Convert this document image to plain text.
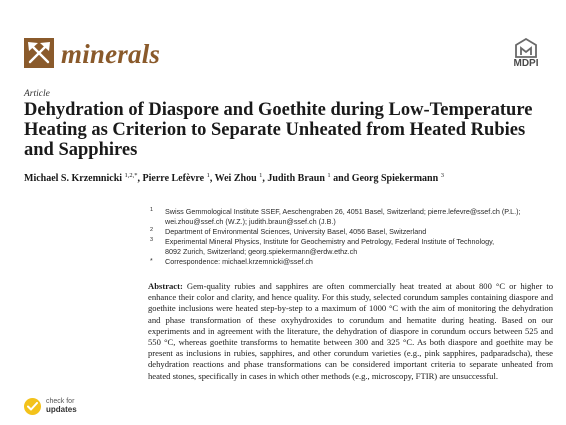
minerals	MDPI
Article
Dehydration of Diaspore and Goethite during Low-Temperature Heating as Criterion to Separate Unheated from Heated Rubies and Sapphires
Michael S. Krzemnicki $^{1,2,*}$, Pierre Lefèvre $^1$, Wei Zhou $^1$, Judith Braun $^1$ and Georg Spiekermann $^3$
1 Swiss Gemmological Institute SSEF, Aeschengraben 26, 4051 Basel, Switzerland; pierre.lefevre@ssef.ch (P.L.);
wei.zhou@ssef.ch (W.Z.); judith.braun@ssef.ch (J.B.)
2 Department of Environmental Sciences, University Basel, 4056 Basel, Switzerland
3 Experimental Mineral Physics, Institute for Geochemistry and Petrology, Federal Institute of Technology,
8092 Zurich, Switzerland; georg.spiekermann@erdw.ethz.ch
* Correspondence: michael.krzemnicki@ssef.ch

Abstract: Gem-quality rubies and sapphires are often commercially heat treated at about 800 °C or higher to enhance their color and clarity, and hence quality. For this study, selected corundum samples containing diaspore and goethite inclusions were heated step-by-step to a maximum of 1000 °C with the aim of monitoring the dehydration and phase transformation of these oxyhydroxides to corundum and hematite during heating. Based on our experiments and in agreement with the literature, the dehydration of diaspore in corundum occurs between 525 and 550 °C, whereas goethite transforms to hematite between 300 and 325 °C. As both diaspore and goethite may be present as inclusions in rubies, sapphires, and other corundum varieties (e.g., pink sapphires, padparadscha), these dehydration reactions and phase transformations can be considered important criteria to separate unheated from heated stones, specifically in cases in which other methods (e.g., microscopy, FTIR) are unsuccessful.

check for
updates
